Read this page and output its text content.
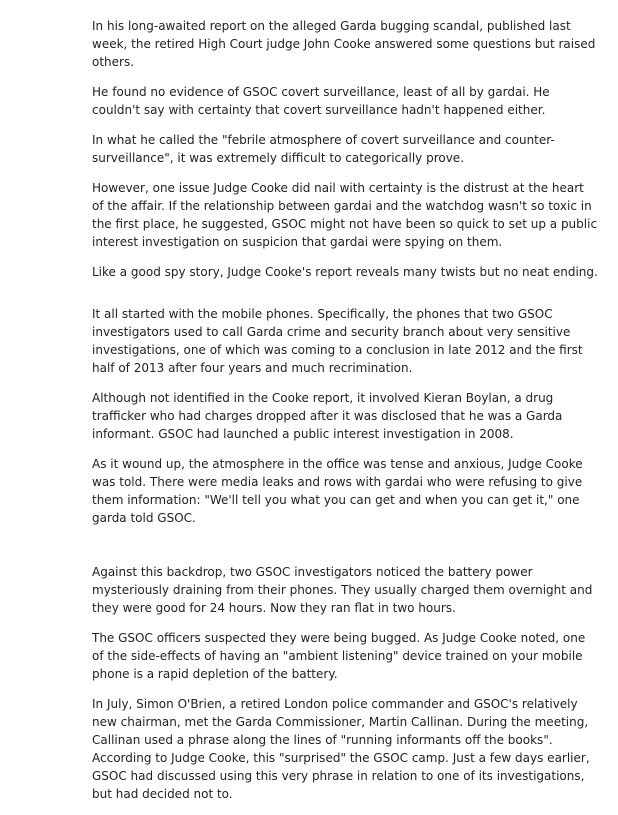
In his long-awaited report on the alleged Garda bugging scandal, published last week, the retired High Court judge John Cooke answered some questions but raised others.

He found no evidence of GSOC covert surveillance, least of all by gardai. He couldn't say with certainty that covert surveillance hadn't happened either.

In what he called the "febrile atmosphere of covert surveillance and counter-surveillance", it was extremely difficult to categorically prove.

However, one issue Judge Cooke did nail with certainty is the distrust at the heart of the affair. If the relationship between gardai and the watchdog wasn't so toxic in the first place, he suggested, GSOC might not have been so quick to set up a public interest investigation on suspicion that gardai were spying on them.

Like a good spy story, Judge Cooke's report reveals many twists but no neat ending.

It all started with the mobile phones. Specifically, the phones that two GSOC investigators used to call Garda crime and security branch about very sensitive investigations, one of which was coming to a conclusion in late 2012 and the first half of 2013 after four years and much recrimination.

Although not identified in the Cooke report, it involved Kieran Boylan, a drug trafficker who had charges dropped after it was disclosed that he was a Garda informant. GSOC had launched a public interest investigation in 2008.

As it wound up, the atmosphere in the office was tense and anxious, Judge Cooke was told. There were media leaks and rows with gardai who were refusing to give them information: "We'll tell you what you can get and when you can get it," one garda told GSOC.

Against this backdrop, two GSOC investigators noticed the battery power mysteriously draining from their phones. They usually charged them overnight and they were good for 24 hours. Now they ran flat in two hours.

The GSOC officers suspected they were being bugged. As Judge Cooke noted, one of the side-effects of having an "ambient listening" device trained on your mobile phone is a rapid depletion of the battery.

In July, Simon O'Brien, a retired London police commander and GSOC's relatively new chairman, met the Garda Commissioner, Martin Callinan. During the meeting, Callinan used a phrase along the lines of "running informants off the books". According to Judge Cooke, this "surprised" the GSOC camp. Just a few days earlier, GSOC had discussed using this very phrase in relation to one of its investigations, but had decided not to.
